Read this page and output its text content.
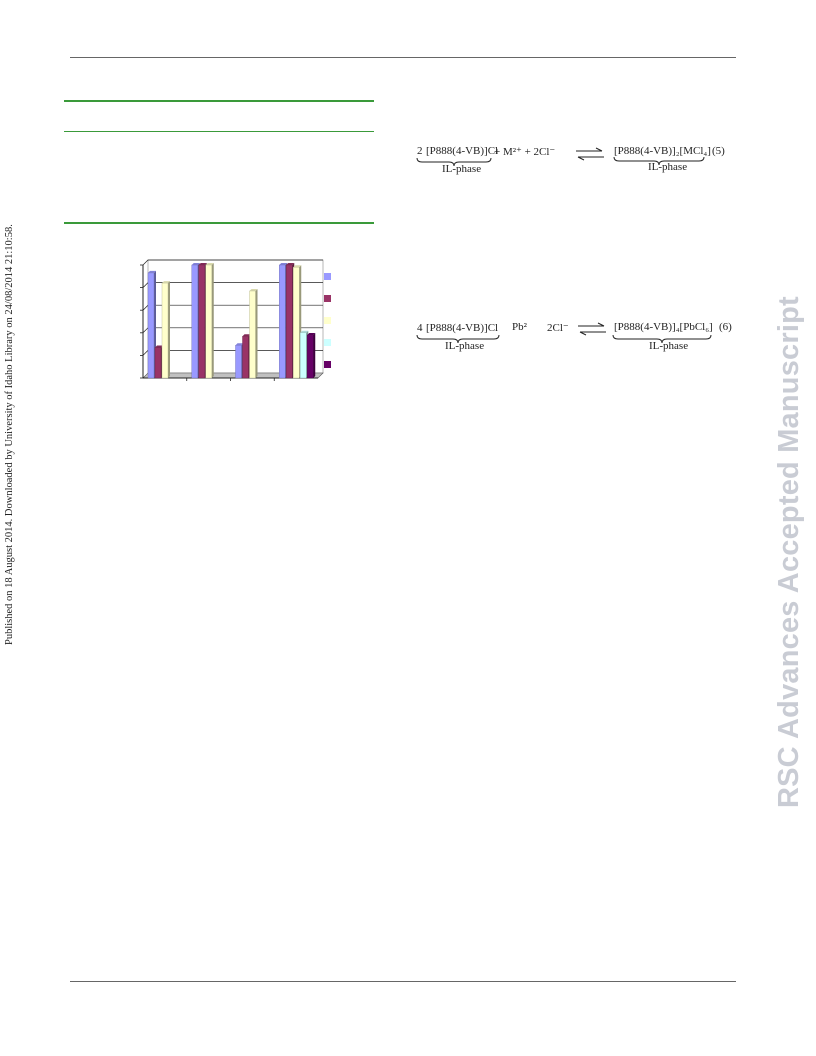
Published on 18 August 2014. Downloaded by University of Idaho Library on 24/08/2014 21:10:58.	RSC Advances Accepted Manuscript
2 [P888(4-VB)]Cl
+ M²⁺ + 2Cl⁻	[P888(4-VB)]₂[MCl₄] (5)
IL-phase	IL-phase
4 [P888(4-VB)]Cl Pb² 2Cl⁻	[P888(4-VB)]₄[PbCl₆] (6)
IL-phase	IL-phase
